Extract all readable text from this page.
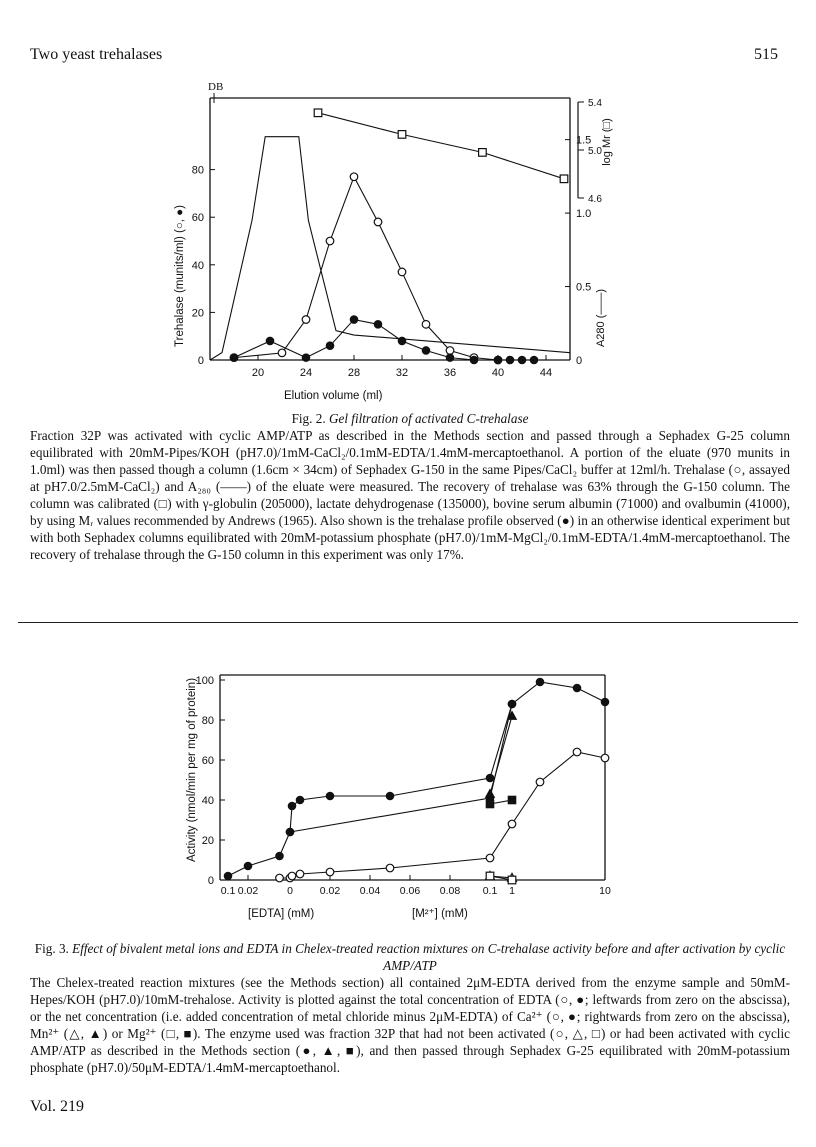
Two yeast trehalases	515
DB
Elution volume (ml)
Trehalase (munits/ml) (○, ●)	A280 (——)
log Mr (□)
20	24	28	32	36	40	44
0
20
40
60
80
0
0.5
1.0
1.5
4.6
5.0
5.4
Fig. 2. Gel filtration of activated C-trehalase
Fraction 32P was activated with cyclic AMP/ATP as described in the Methods section and passed through a Sephadex G-25 column equilibrated with 20mM-Pipes/KOH (pH7.0)/1mM-CaCl₂/0.1mM-EDTA/1.4mM-mercaptoethanol. A portion of the eluate (970 munits in 1.0ml) was then passed though a column (1.6cm × 34cm) of Sephadex G-150 in the same Pipes/CaCl₂ buffer at 12ml/h. Trehalase (○, assayed at pH7.0/2.5mM-CaCl₂) and A₂₈₀ (——) of the eluate were measured. The recovery of trehalase was 63% through the G-150 column. The column was calibrated (□) with γ-globulin (205000), lactate dehydrogenase (135000), bovine serum albumin (71000) and ovalbumin (41000), by using Mᵣ values recommended by Andrews (1965). Also shown is the trehalase profile observed (●) in an otherwise identical experiment but with both Sephadex columns equilibrated with 20mM-potassium phosphate (pH7.0)/1mM-MgCl₂/0.1mM-EDTA/1.4mM-mercaptoethanol. The recovery of trehalase through the G-150 column in this experiment was only 17%.
[EDTA] (mM)	[M²⁺] (mM)
Activity (nmol/min per mg of protein)
0.1 0.02	0	0.02 0.04 0.06 0.08 0.1 1	10
0
20
40
60
80
100
Fig. 3. Effect of bivalent metal ions and EDTA in Chelex-treated reaction mixtures on C-trehalase activity before and after activation by cyclic AMP/ATP
The Chelex-treated reaction mixtures (see the Methods section) all contained 2μM-EDTA derived from the enzyme sample and 50mM-Hepes/KOH (pH7.0)/10mM-trehalose. Activity is plotted against the total concentration of EDTA (○, ●; leftwards from zero on the abscissa), or the net concentration (i.e. added concentration of metal chloride minus 2μM-EDTA) of Ca²⁺ (○, ●; rightwards from zero on the abscissa), Mn²⁺ (△, ▲) or Mg²⁺ (□, ■). The enzyme used was fraction 32P that had not been activated (○, △, □) or had been activated with cyclic AMP/ATP as described in the Methods section (●, ▲, ■), and then passed through Sephadex G-25 equilibrated with 20mM-potassium phosphate (pH7.0)/50μM-EDTA/1.4mM-mercaptoethanol.
Vol. 219
